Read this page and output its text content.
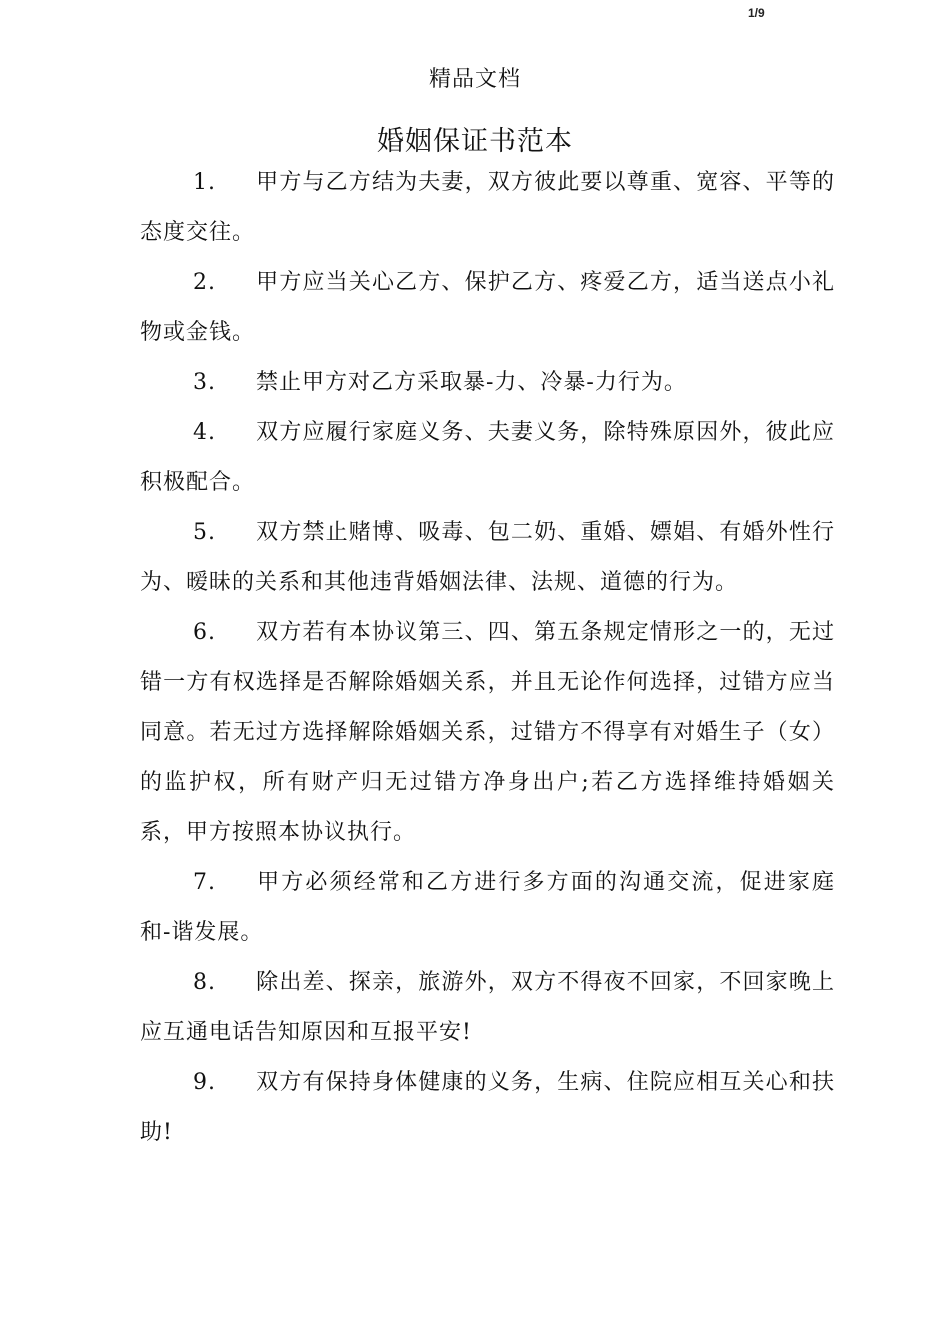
1/9
精品文档
婚姻保证书范本

1. 甲方与乙方结为夫妻，双方彼此要以尊重、宽容、平等的态度交往。

2. 甲方应当关心乙方、保护乙方、疼爱乙方，适当送点小礼物或金钱。

3. 禁止甲方对乙方采取暴-力、冷暴-力行为。

4. 双方应履行家庭义务、夫妻义务，除特殊原因外，彼此应积极配合。

5. 双方禁止赌博、吸毒、包二奶、重婚、嫖娼、有婚外性行为、暧昧的关系和其他违背婚姻法律、法规、道德的行为。

6. 双方若有本协议第三、四、第五条规定情形之一的，无过错一方有权选择是否解除婚姻关系，并且无论作何选择，过错方应当同意。若无过方选择解除婚姻关系，过错方不得享有对婚生子（女）的监护权，所有财产归无过错方净身出户;若乙方选择维持婚姻关系，甲方按照本协议执行。

7. 甲方必须经常和乙方进行多方面的沟通交流，促进家庭和-谐发展。

8. 除出差、探亲，旅游外，双方不得夜不回家，不回家晚上应互通电话告知原因和互报平安!

9. 双方有保持身体健康的义务，生病、住院应相互关心和扶助!
